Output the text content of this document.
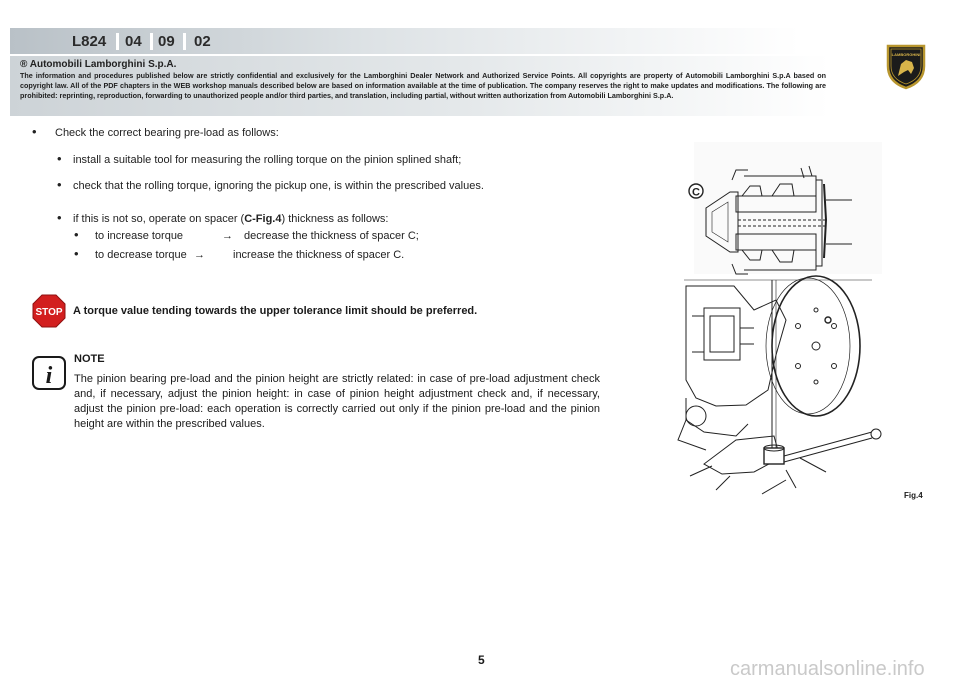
L824 04 09 02
LAMBORGHINI
® Automobili Lamborghini S.p.A.
The information and procedures published below are strictly confidential and exclusively for the Lamborghini Dealer Network and Authorized Service Points. All copyrights are property of Automobili Lamborghini S.p.A based on copyright law. All of the PDF chapters in the WEB workshop manuals described below are based on information available at the time of publication. The company reserves the right to make updates and modifications. The following are prohibited: reprinting, reproduction, forwarding to unauthorized people and/or third parties, and translation, including partial, without written authorization from Automobili Lamborghini S.p.A.
• Check the correct bearing pre-load as follows:
• install a suitable tool for measuring the rolling torque on the pinion splined shaft;
• check that the rolling torque, ignoring the pickup one, is within the prescribed values.
• if this is not so, operate on spacer (C-Fig.4) thickness as follows:
• to increase torque	→ decrease the thickness of spacer C;
• to decrease torque →	increase the thickness of spacer C.
STOP A torque value tending towards the upper tolerance limit should be preferred.
i
NOTE
The pinion bearing pre-load and the pinion height are strictly related: in case of pre-load adjustment check and, if necessary, adjust the pinion height: in case of pinion height adjustment check and, if necessary, adjust the pinion pre-load: each operation is correctly carried out only if the pinion pre-load and the pinion height are within the prescribed values.
C
Fig.4
5	carmanualsonline.info
